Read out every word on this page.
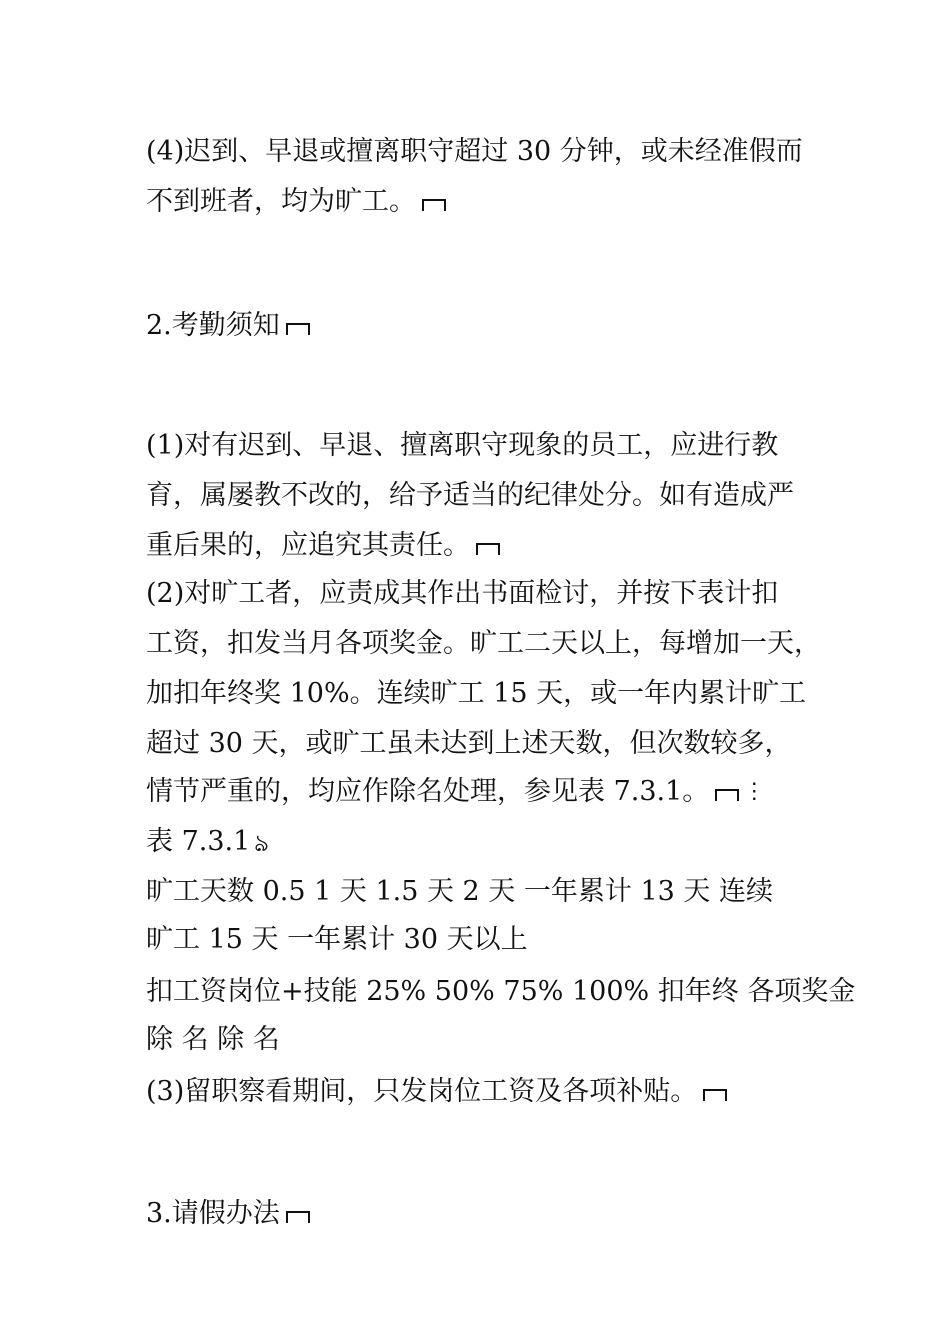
(4)迟到、早退或擅离职守超过 30 分钟，或未经准假而
不到班者，均为旷工。
2.考勤须知
(1)对有迟到、早退、擅离职守现象的员工，应进行教
育，属屡教不改的，给予适当的纪律处分。如有造成严
重后果的，应追究其责任。
(2)对旷工者，应责成其作出书面检讨，并按下表计扣
工资，扣发当月各项奖金。旷工二天以上，每增加一天，
加扣年终奖 10%。连续旷工 15 天，或一年内累计旷工
超过 30 天，或旷工虽未达到上述天数，但次数较多，
情节严重的，均应作除名处理，参见表 7.3.1。 ⋮
表 7.3.1 ঌ
旷工天数 0.5 1 天 1.5 天 2 天 一年累计 13 天 连续
旷工 15 天 一年累计 30 天以上
扣工资岗位+技能 25% 50% 75% 100% 扣年终 各项奖金
除 名 除 名
(3)留职察看期间，只发岗位工资及各项补贴。
3.请假办法
